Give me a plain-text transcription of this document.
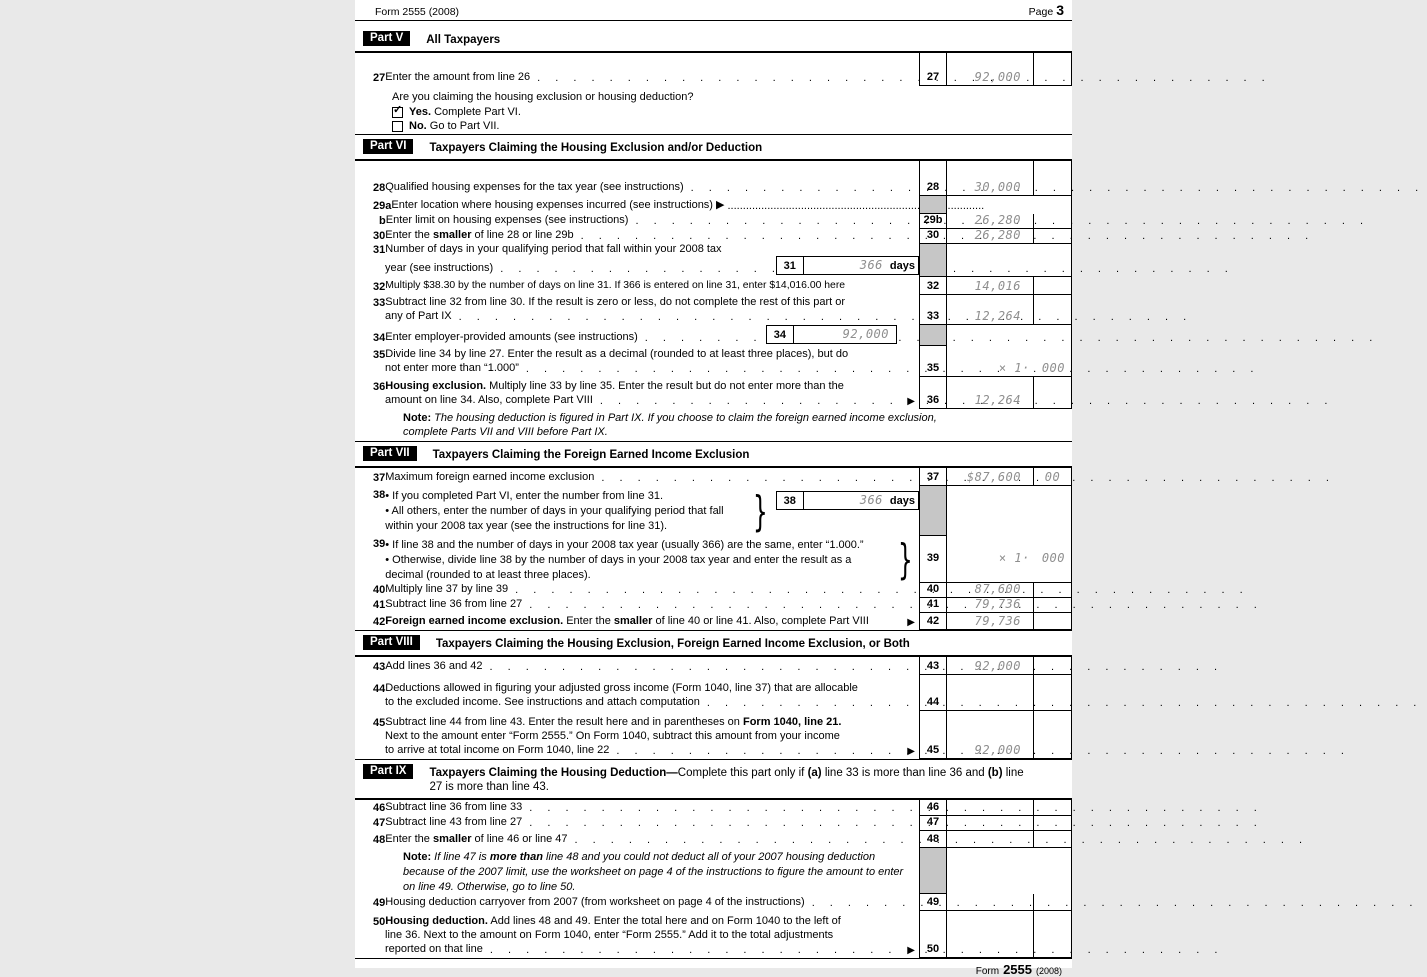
Form 2555 (2008)	Page 3
Part V	All Taxpayers
27 Enter the amount from line 26 . . .	27	92,000
Are you claiming the housing exclusion or housing deduction?
✓ Yes. Complete Part VI.
No. Go to Part VII.
Part VI	Taxpayers Claiming the Housing Exclusion and/or Deduction
28 Qualified housing expenses for the tax year (see instructions) . . .	28	30,000
29a Enter location where housing expenses incurred (see instructions) ▶
.....
b Enter limit on housing expenses (see instructions) . . .	29b	26,280
30 Enter the smaller of line 28 or line 29b . . .	30	26,280
31 Number of days in your qualifying period that fall within your 2008 tax
year (see instructions) . . .	31	366 days
32 Multiply $38.30 by the number of days on line 31. If 366 is entered on line 31, enter $14,016.00 here	32	14,016
33 Subtract line 32 from line 30. If the result is zero or less, do not complete the rest of this part or
any of Part IX . . .	33	12,264
34 Enter employer-provided amounts (see instructions) . . .	34	92,000
35 Divide line 34 by line 27. Enter the result as a decimal (rounded to at least three places), but do
not enter more than “1.000” . . .	35	× 1· 000
36 Housing exclusion. Multiply line 33 by line 35. Enter the result but do not enter more than the
amount on line 34. Also, complete Part VIII . . .	▶ 36	12,264
Note: The housing deduction is figured in Part IX. If you choose to claim the foreign earned income exclusion, complete Parts VII and VIII before Part IX.
Part VII	Taxpayers Claiming the Foreign Earned Income Exclusion
37 Maximum foreign earned income exclusion . . .	37 $87,600 00
38 • If you completed Part VI, enter the number from line 31.
• All others, enter the number of days in your qualifying period that fall within your 2008 tax year (see the instructions for line 31).	}	38	366 days
39 • If line 38 and the number of days in your 2008 tax year (usually 366) are the same, enter “1.000.”
• Otherwise, divide line 38 by the number of days in your 2008 tax year and enter the result as a decimal (rounded to at least three places).	} 39	× 1· 000
40 Multiply line 37 by line 39 . . .	40	87,600
41 Subtract line 36 from line 27 . . .	41	79,736
42 Foreign earned income exclusion. Enter the smaller of line 40 or line 41. Also, complete Part VIII	▶ 42	79,736
Part VIII	Taxpayers Claiming the Housing Exclusion, Foreign Earned Income Exclusion, or Both
43 Add lines 36 and 42 . . .	43	92,000
44 Deductions allowed in figuring your adjusted gross income (Form 1040, line 37) that are allocable
to the excluded income. See instructions and attach computation . . .	44
45 Subtract line 44 from line 43. Enter the result here and in parentheses on Form 1040, line 21.
Next to the amount enter “Form 2555.” On Form 1040, subtract this amount from your income
to arrive at total income on Form 1040, line 22 . . .	▶ 45	92,000
Part IX	Taxpayers Claiming the Housing Deduction—Complete this part only if (a) line 33 is more than line 36 and (b) line 27 is more than line 43.
46 Subtract line 36 from line 33 . . .	46
47 Subtract line 43 from line 27 . . .	47
48 Enter the smaller of line 46 or line 47 . . .	48
Note: If line 47 is more than line 48 and you could not deduct all of your 2007 housing deduction because of the 2007 limit, use the worksheet on page 4 of the instructions to figure the amount to enter on line 49. Otherwise, go to line 50.
49 Housing deduction carryover from 2007 (from worksheet on page 4 of the instructions) . . .	49
50 Housing deduction. Add lines 48 and 49. Enter the total here and on Form 1040 to the left of
line 36. Next to the amount on Form 1040, enter “Form 2555.” Add it to the total adjustments
reported on that line . . .	▶ 50
Form 2555 (2008)
